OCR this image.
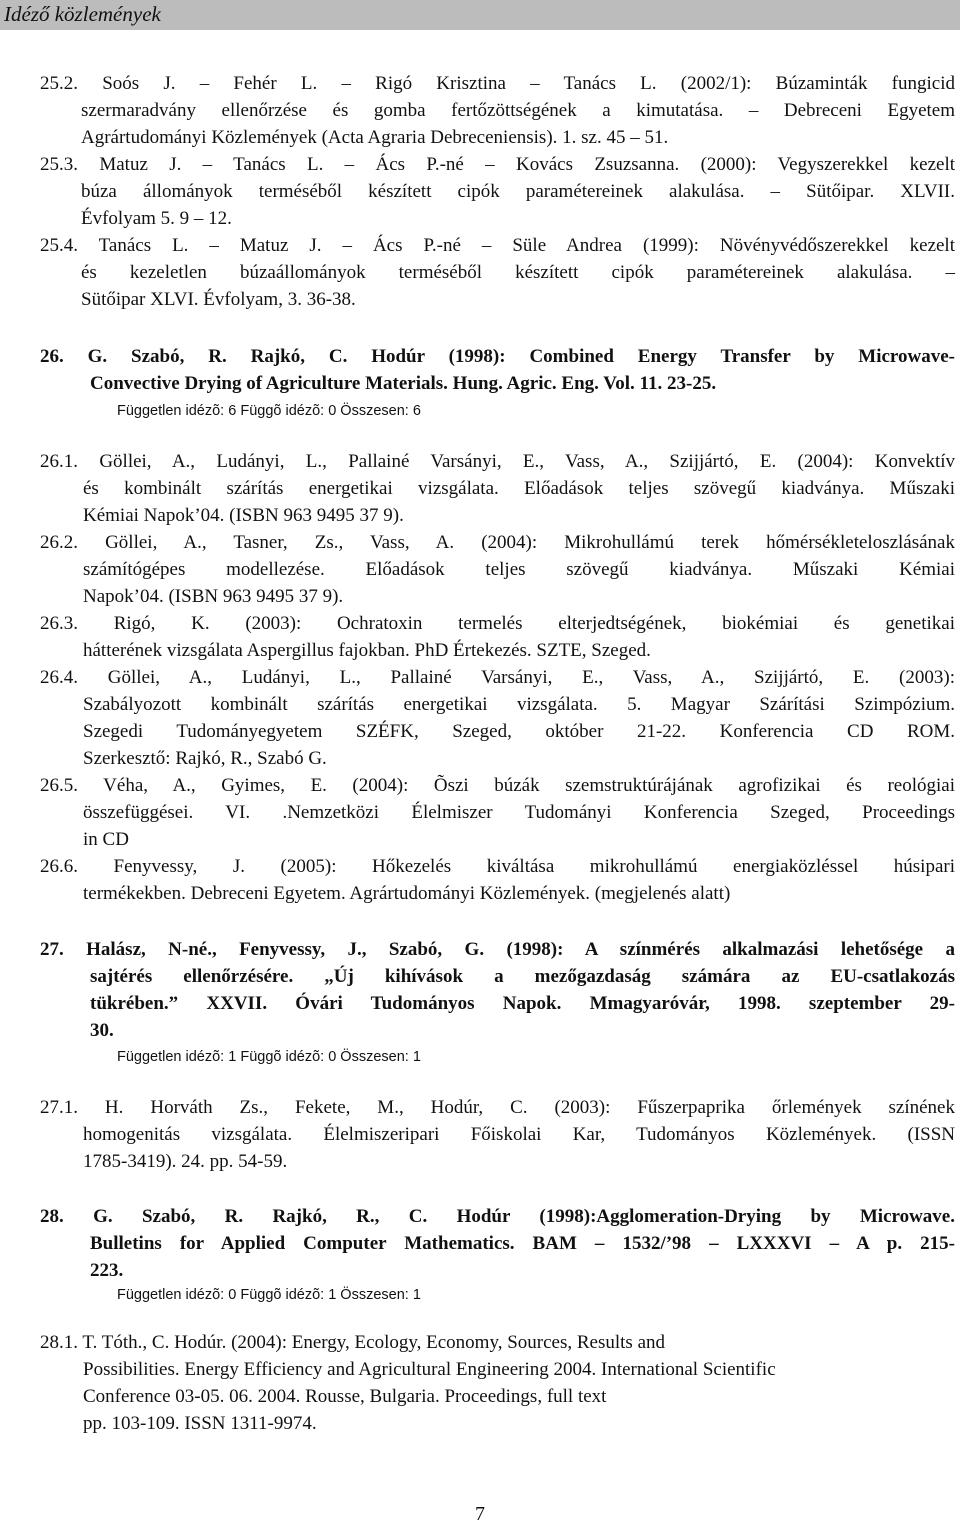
Idéző közlemények
25.2. Soós J. – Fehér L. – Rigó Krisztina – Tanács L. (2002/1): Búzaminták fungicid
szermaradvány ellenőrzése és gomba fertőzöttségének a kimutatása. – Debreceni Egyetem
Agrártudományi Közlemények (Acta Agraria Debreceniensis). 1. sz. 45 – 51.
25.3. Matuz J. – Tanács L. – Ács P.-né – Kovács Zsuzsanna. (2000): Vegyszerekkel kezelt
búza állományok terméséből készített cipók paramétereinek alakulása. – Sütőipar. XLVII.
Évfolyam 5. 9 – 12.
25.4. Tanács L. – Matuz J. – Ács P.-né – Süle Andrea (1999): Növényvédőszerekkel kezelt
és kezeletlen búzaállományok terméséből készített cipók paramétereinek alakulása. –
Sütőipar XLVI. Évfolyam, 3. 36-38.
26. G. Szabó, R. Rajkó, C. Hodúr (1998): Combined Energy Transfer by Microwave-
Convective Drying of Agriculture Materials. Hung. Agric. Eng. Vol. 11. 23-25.
Független idézõ: 6 Függõ idézõ: 0 Összesen: 6
26.1. Göllei, A., Ludányi, L., Pallainé Varsányi, E., Vass, A., Szijjártó, E. (2004): Konvektív
és kombinált szárítás energetikai vizsgálata. Előadások teljes szövegű kiadványa. Műszaki
Kémiai Napok’04. (ISBN 963 9495 37 9).
26.2. Göllei, A., Tasner, Zs., Vass, A. (2004): Mikrohullámú terek hőmérsékleteloszlásának
számítógépes modellezése. Előadások teljes szövegű kiadványa. Műszaki Kémiai
Napok’04. (ISBN 963 9495 37 9).
26.3. Rigó, K. (2003): Ochratoxin termelés elterjedtségének, biokémiai és genetikai
hátterének vizsgálata Aspergillus fajokban. PhD Értekezés. SZTE, Szeged.
26.4. Göllei, A., Ludányi, L., Pallainé Varsányi, E., Vass, A., Szijjártó, E. (2003):
Szabályozott kombinált szárítás energetikai vizsgálata. 5. Magyar Szárítási Szimpózium.
Szegedi Tudományegyetem SZÉFK, Szeged, október 21-22. Konferencia CD ROM.
Szerkesztő: Rajkó, R., Szabó G.
26.5. Véha, A., Gyimes, E. (2004): Õszi búzák szemstruktúrájának agrofizikai és reológiai
összefüggései. VI. .Nemzetközi Élelmiszer Tudományi Konferencia Szeged, Proceedings
in CD
26.6. Fenyvessy, J. (2005): Hőkezelés kiváltása mikrohullámú energiaközléssel húsipari
termékekben. Debreceni Egyetem. Agrártudományi Közlemények. (megjelenés alatt)
27. Halász, N-né., Fenyvessy, J., Szabó, G. (1998): A színmérés alkalmazási lehetősége a
sajtérés ellenőrzésére. „Új kihívások a mezőgazdaság számára az EU-csatlakozás
tükrében.” XXVII. Óvári Tudományos Napok. Mmagyaróvár, 1998. szeptember 29-
30.
Független idézõ: 1 Függõ idézõ: 0 Összesen: 1
27.1. H. Horváth Zs., Fekete, M., Hodúr, C. (2003): Fűszerpaprika őrlemények színének
homogenitás vizsgálata. Élelmiszeripari Főiskolai Kar, Tudományos Közlemények. (ISSN
1785-3419). 24. pp. 54-59.
28. G. Szabó, R. Rajkó, R., C. Hodúr (1998):Agglomeration-Drying by Microwave.
Bulletins for Applied Computer Mathematics. BAM – 1532/’98 – LXXXVI – A p. 215-
223.
Független idézõ: 0 Függõ idézõ: 1 Összesen: 1
28.1. T. Tóth., C. Hodúr. (2004): Energy, Ecology, Economy, Sources, Results and
Possibilities. Energy Efficiency and Agricultural Engineering 2004. International Scientific
Conference 03-05. 06. 2004. Rousse, Bulgaria. Proceedings, full text
pp. 103-109. ISSN 1311-9974.
7
